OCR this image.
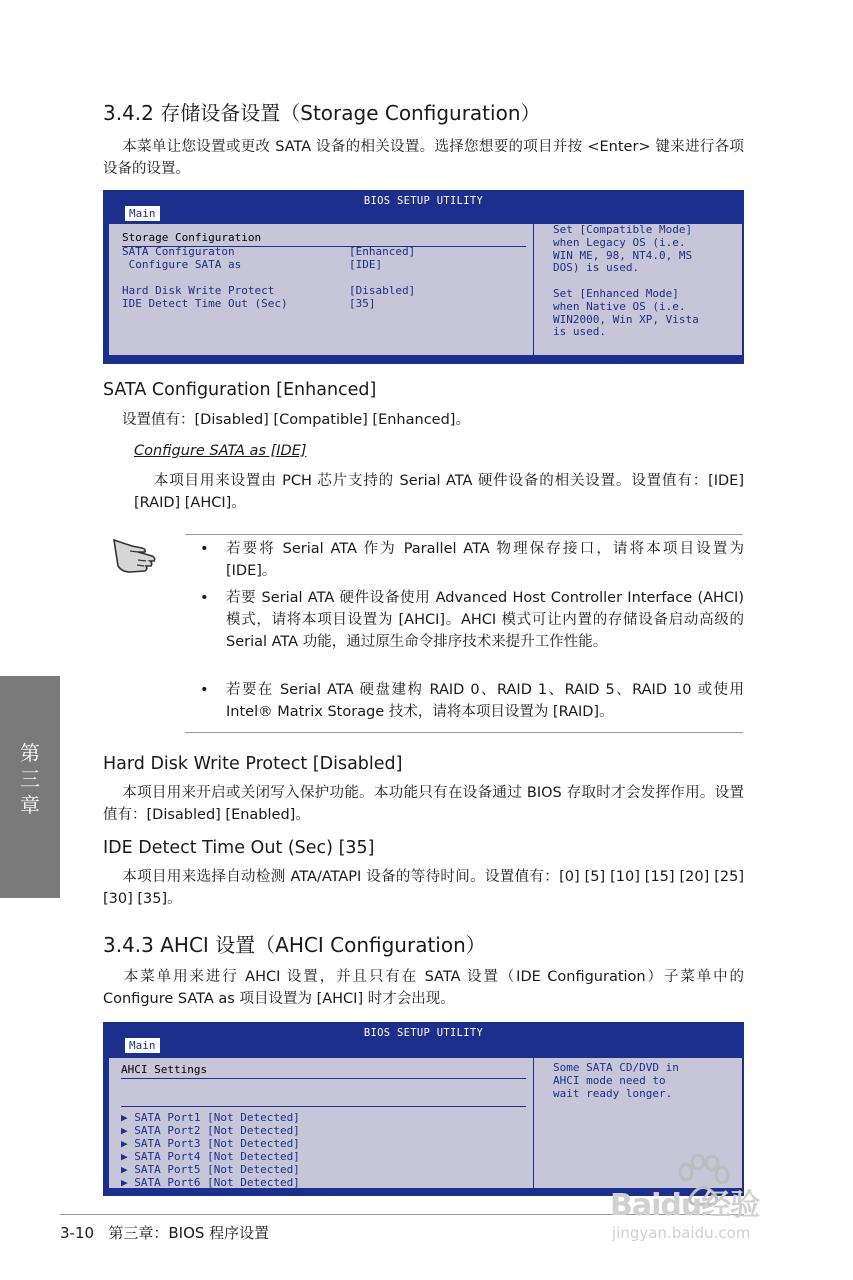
3.4.2 存储设备设置（Storage Configuration）
本菜单让您设置或更改 SATA 设备的相关设置。选择您想要的项目并按 <Enter> 键来进行各项设备的设置。
BIOS SETUP UTILITY
Main
Storage Configuration
SATA Configuraton	[Enhanced]
Configure SATA as	[IDE]
Hard Disk Write Protect	[Disabled]
IDE Detect Time Out (Sec)	[35]
Set [Compatible Mode]
when Legacy OS (i.e.
WIN ME, 98, NT4.0, MS
DOS) is used.
Set [Enhanced Mode]
when Native OS (i.e.
WIN2000, Win XP, Vista
is used.
SATA Configuration [Enhanced]
设置值有：[Disabled] [Compatible] [Enhanced]。
Configure SATA as [IDE]
本项目用来设置由 PCH 芯片支持的 Serial ATA 硬件设备的相关设置。设置值有：[IDE] [RAID] [AHCI]。
• 若要将 Serial ATA 作为 Parallel ATA 物理保存接口，请将本项目设置为 [IDE]。
• 若要 Serial ATA 硬件设备使用 Advanced Host Controller Interface (AHCI) 模式，请将本项目设置为 [AHCI]。AHCI 模式可让内置的存储设备启动高级的 Serial ATA 功能，通过原生命令排序技术来提升工作性能。
• 若要在 Serial ATA 硬盘建构 RAID 0、RAID 1、RAID 5、RAID 10 或使用 Intel® Matrix Storage 技术，请将本项目设置为 [RAID]。
第三章
Hard Disk Write Protect [Disabled]
本项目用来开启或关闭写入保护功能。本功能只有在设备通过 BIOS 存取时才会发挥作用。设置值有：[Disabled] [Enabled]。
IDE Detect Time Out (Sec) [35]
本项目用来选择自动检测 ATA/ATAPI 设备的等待时间。设置值有：[0] [5] [10] [15] [20] [25] [30] [35]。
3.4.3 AHCI 设置（AHCI Configuration）
本菜单用来进行 AHCI 设置，并且只有在 SATA 设置（IDE Configuration）子菜单中的 Configure SATA as 项目设置为 [AHCI] 时才会出现。
BIOS SETUP UTILITY
Main
AHCI Settings
▶ SATA Port1 [Not Detected]
▶ SATA Port2 [Not Detected]
▶ SATA Port3 [Not Detected]
▶ SATA Port4 [Not Detected]
▶ SATA Port5 [Not Detected]
▶ SATA Port6 [Not Detected]
Some SATA CD/DVD in
AHCI mode need to
wait ready longer.
3-10 第三章：BIOS 程序设置
Baidu经验
jingyan.baidu.com
